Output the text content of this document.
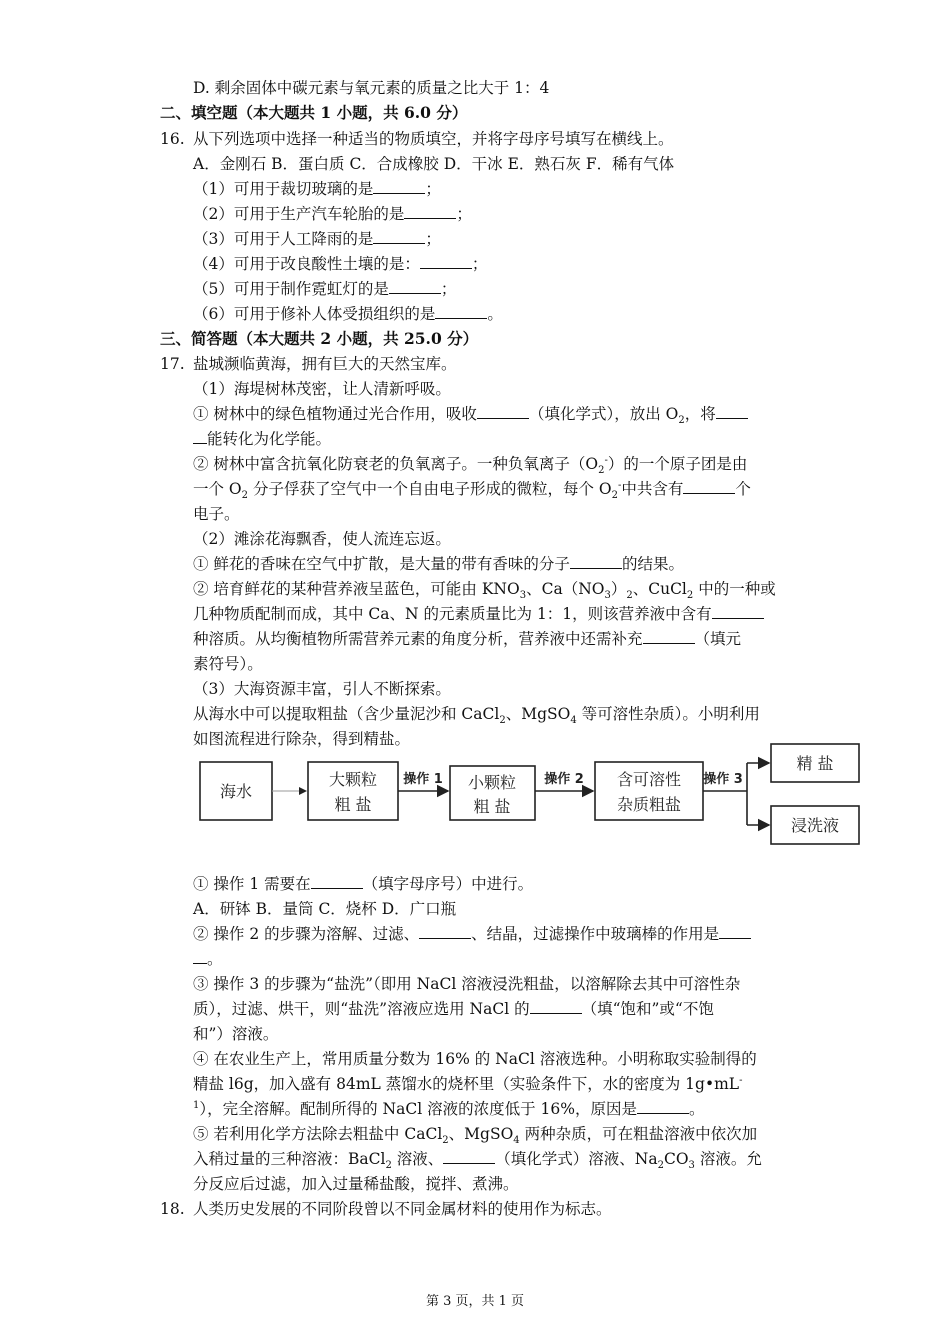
D. 剩余固体中碳元素与氧元素的质量之比大于 1：4
二、填空题（本大题共 1 小题，共 6.0 分）
16. 从下列选项中选择一种适当的物质填空，并将字母序号填写在横线上。
A．金刚石 B．蛋白质 C．合成橡胶 D．干冰 E．熟石灰 F．稀有气体
（1）可用于裁切玻璃的是	；
（2）可用于生产汽车轮胎的是	；
（3）可用于人工降雨的是	；
（4）可用于改良酸性土壤的是：	；
（5）可用于制作霓虹灯的是	；
（6）可用于修补人体受损组织的是	。
三、简答题（本大题共 2 小题，共 25.0 分）
17. 盐城濒临黄海，拥有巨大的天然宝库。
（1）海堤树林茂密，让人清新呼吸。
① 树林中的绿色植物通过光合作用，吸收	（填化学式），放出 $O_2$，将
能转化为化学能。
② 树林中富含抗氧化防衰老的负氧离子。一种负氧离子$(O_2^-)$的一个原子团是由
一个 $O_2$ 分子俘获了空气中一个自由电子形成的微粒，每个 $O_2^-$中共含有	个
电子。
（2）滩涂花海飘香，使人流连忘返。
① 鲜花的香味在空气中扩散，是大量的带有香味的分子	的结果。
② 培育鲜花的某种营养液呈蓝色，可能由 $KNO_3$、$Ca(NO_3)_2$、CuCl$_2$ 中的一种或
几种物质配制而成，其中 Ca、N 的元素质量比为 1：1，则该营养液中含有
种溶质。从均衡植物所需营养元素的角度分析，营养液中还需补充	（填元
素符号）。
（3）大海资源丰富，引人不断探索。
从海水中可以提取粗盐（含少量泥沙和 CaCl$_2$、MgSO$_4$ 等可溶性杂质）。小明利用
如图流程进行除杂，得到精盐。
海水
大颗粒
粗 盐
小颗粒
粗 盐
含可溶性
杂质粗盐
精 盐
浸洗液
操作 1	操作 2	操作 3
① 操作 1 需要在	（填字母序号）中进行。
A．研钵 B．量筒 C．烧杯 D．广口瓶
② 操作 2 的步骤为溶解、过滤、	、结晶，过滤操作中玻璃棒的作用是
。
③ 操作 3 的步骤为“盐洗”（即用 NaCl 溶液浸洗粗盐，以溶解除去其中可溶性杂
质），过滤、烘干，则“盐洗”溶液应选用 NaCl 的	（填“饱和”或“不饱
和”）溶液。
④ 在农业生产上，常用质量分数为 16% 的 NaCl 溶液选种。小明称取实验制得的
精盐 l6g，加入盛有 84mL 蒸馏水的烧杯里（实验条件下，水的密度为 1g•mL-
$^1$），完全溶解。配制所得的 NaCl 溶液的浓度低于 16%，原因是	。
⑤ 若利用化学方法除去粗盐中 CaCl$_2$、MgSO$_4$ 两种杂质，可在粗盐溶液中依次加
入稍过量的三种溶液：BaCl$_2$ 溶液、	（填化学式）溶液、$Na_2CO_3$ 溶液。允
分反应后过滤，加入过量稀盐酸，搅拌、煮沸。
18. 人类历史发展的不同阶段曾以不同金属材料的使用作为标志。
第 3 页，共 1 页
